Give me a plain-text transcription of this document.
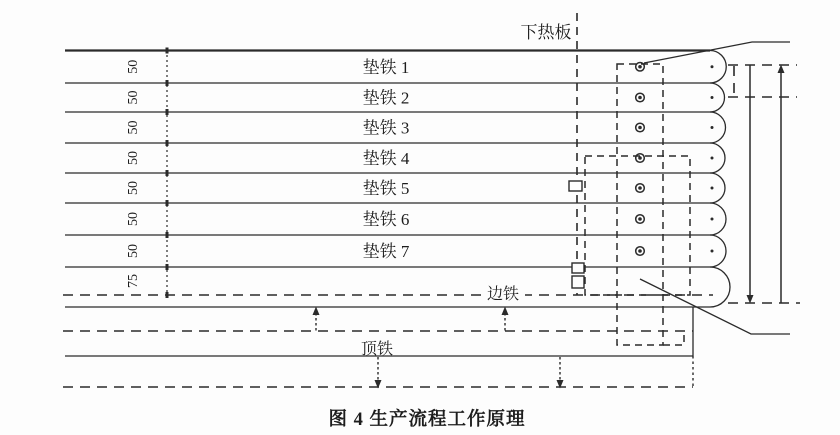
下热板
垫铁 1
垫铁 2
垫铁 3
垫铁 4
垫铁 5
垫铁 6
垫铁 7
50
50
50
50
50
50
50
75
边铁
顶铁
图 4 生产流程工作原理
